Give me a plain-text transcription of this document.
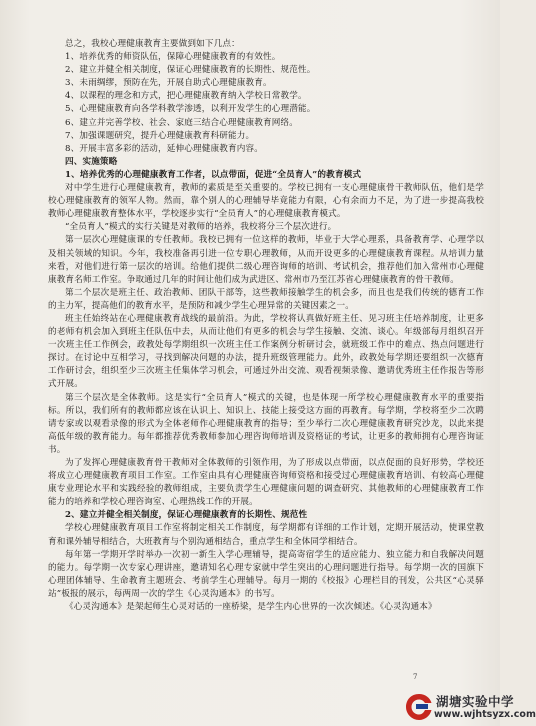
总之，我校心理健康教育主要做到如下几点：

1、培养优秀的师资队伍，保障心理健康教育的有效性。

2、建立并健全相关制度，保证心理健康教育的长期性、规范性。

3、未雨绸缪，预防在先，开展自助式心理健康教育。

4、以课程的理念和方式，把心理健康教育纳入学校日常教学。

5、心理健康教育向各学科教学渗透，以利开发学生的心理潜能。

6、建立并完善学校、社会、家庭三结合心理健康教育网络。

7、加强课题研究，提升心理健康教育科研能力。

8、开展丰富多彩的活动，延伸心理健康教育内容。

四、实施策略

1、培养优秀的心理健康教育工作者，以点带面，促进“全员育人”的教育模式

对中学生进行心理健康教育，教师的素质是至关重要的。学校已拥有一支心理健康骨干教师队伍，他们是学校心理健康教育的领军人物。然而，靠个别人的心理辅导毕竟能力有限，心有余而力不足，为了进一步提高我校教师心理健康教育整体水平，学校逐步实行“全员育人”的心理健康教育模式。

“全员育人”模式的实行关键是对教师的培养，我校将分三个层次进行。

第一层次心理健康课的专任教师。我校已拥有一位这样的教师，毕业于大学心理系，具备教育学、心理学以及相关领域的知识。今年，我校准备再引进一位专职心理教师，从而开设更多的心理健康教育课程。从培训力量来看，对他们进行第一层次的培训。给他们提供二级心理咨询师的培训、考试机会，推荐他们加入常州市心理健康教育名师工作室。争取通过几年的时间让他们成为武进区、常州市乃至江苏省心理健康教育的骨干教师。

第二个层次是班主任、政治教师、团队干部等，这些教师接触学生的机会多，而且也是我们传统的德育工作的主力军，提高他们的教育水平，是预防和减少学生心理异常的关键因素之一。

班主任始终站在心理健康教育战线的最前沿。为此，学校将认真做好班主任、见习班主任培养制度，让更多的老师有机会加入到班主任队伍中去，从而让他们有更多的机会与学生接触、交流、谈心。年级部每月组织召开一次班主任工作例会，政教处每学期组织一次班主任工作案例分析研讨会，就班级工作中的难点、热点问题进行探讨。在讨论中互相学习，寻找到解决问题的办法，提升班级管理能力。此外，政教处每学期还要组织一次德育工作研讨会，组织至少三次班主任集体学习机会，可通过外出交流、观看视频录像、邀请优秀班主任作报告等形式开展。

第三个层次是全体教师。这是实行“全员育人”模式的关键，也是体现一所学校心理健康教育水平的重要指标。所以，我们所有的教师都应该在认识上、知识上、技能上接受这方面的再教育。每学期，学校将至少二次聘请专家或以观看录像的形式为全体老师作心理健康教育的指导；至少举行二次心理健康教育研究沙龙，以此来提高低年级的教育能力。每年都推荐优秀教师参加心理咨询师培训及资格证的考试，让更多的教师拥有心理咨询证书。

为了发挥心理健康教育骨干教师对全体教师的引领作用，为了形成以点带面，以点促面的良好形势，学校还将成立心理健康教育项目工作室。工作室由具有心理健康咨询师资格和接受过心理健康教育培训、有较高心理健康专业理论水平和实践经验的教师组成，主要负责学生心理健康问题的调查研究、其他教师的心理健康教育工作能力的培养和学校心理咨询室、心理热线工作的开展。

2、建立并健全相关制度，保证心理健康教育的长期性、规范性

学校心理健康教育项目工作室将制定相关工作制度，每学期都有详细的工作计划，定期开展活动，使课堂教育和课外辅导相结合，大班教育与个别沟通相结合，重点学生和全体同学相结合。

每年第一学期开学时举办一次初一新生入学心理辅导，提高寄宿学生的适应能力、独立能力和自我解决问题的能力。每学期一次专家心理讲座，邀请知名心理专家就中学生突出的心理问题进行指导。每学期一次的国旗下心理团体辅导、生命教育主题班会、考前学生心理辅导。每月一期的《校报》心理栏目的刊发，公共区“心灵驿站”板报的展示，每两周一次的学生《心灵沟通本》的书写。

《心灵沟通本》是架起师生心灵对话的一座桥梁，是学生内心世界的一次次倾述。《心灵沟通本》

7
湖塘实验中学
www.wjhtsyzx.com
